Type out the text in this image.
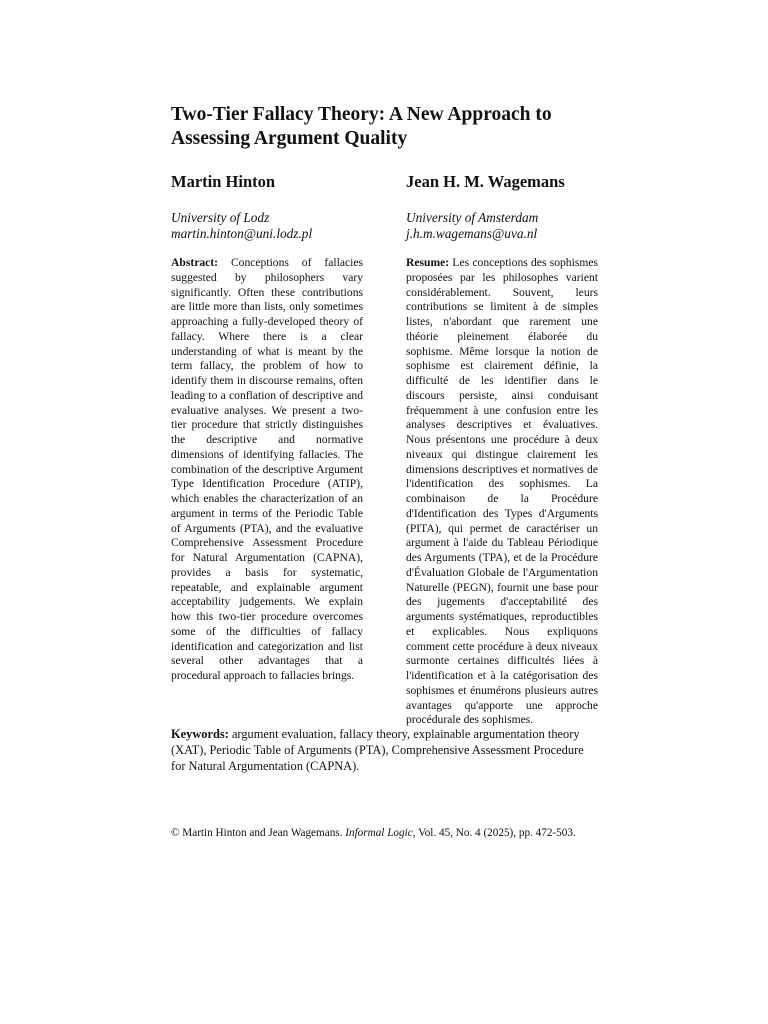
Two-Tier Fallacy Theory: A New Approach to
Assessing Argument Quality

Martin Hinton

University of Lodz

martin.hinton@uni.lodz.pl

Jean H. M. Wagemans

University of Amsterdam

j.h.m.wagemans@uva.nl

Abstract: Conceptions of fallacies suggested by philosophers vary significantly. Often these contributions are little more than lists, only sometimes approaching a fully-developed theory of fallacy. Where there is a clear understanding of what is meant by the term fallacy, the problem of how to identify them in discourse remains, often leading to a conflation of descriptive and evaluative analyses. We present a two-tier procedure that strictly distinguishes the descriptive and normative dimensions of identifying fallacies. The combination of the descriptive Argument Type Identification Procedure (ATIP), which enables the characterization of an argument in terms of the Periodic Table of Arguments (PTA), and the evaluative Comprehensive Assessment Procedure for Natural Argumentation (CAPNA), provides a basis for systematic, repeatable, and explainable argument acceptability judgements. We explain how this two-tier procedure overcomes some of the difficulties of fallacy identification and categorization and list several other advantages that a procedural approach to fallacies brings.
Resume: Les conceptions des sophismes proposées par les philosophes varient considérablement. Souvent, leurs contributions se limitent à de simples listes, n'abordant que rarement une théorie pleinement élaborée du sophisme. Même lorsque la notion de sophisme est clairement définie, la difficulté de les identifier dans le discours persiste, ainsi conduisant fréquemment à une confusion entre les analyses descriptives et évaluatives. Nous présentons une procédure à deux niveaux qui distingue clairement les dimensions descriptives et normatives de l'identification des sophismes. La combinaison de la Procédure d'Identification des Types d'Arguments (PITA), qui permet de caractériser un argument à l'aide du Tableau Périodique des Arguments (TPA), et de la Procédure d'Évaluation Globale de l'Argumentation Naturelle (PEGN), fournit une base pour des jugements d'acceptabilité des arguments systématiques, reproductibles et explicables. Nous expliquons comment cette procédure à deux niveaux surmonte certaines difficultés liées à l'identification et à la catégorisation des sophismes et énumérons plusieurs autres avantages qu'apporte une approche procédurale des sophismes.

Keywords: argument evaluation, fallacy theory, explainable argumentation theory (XAT), Periodic Table of Arguments (PTA), Comprehensive Assessment Procedure for Natural Argumentation (CAPNA).

© Martin Hinton and Jean Wagemans. Informal Logic, Vol. 45, No. 4 (2025), pp. 472-503.
